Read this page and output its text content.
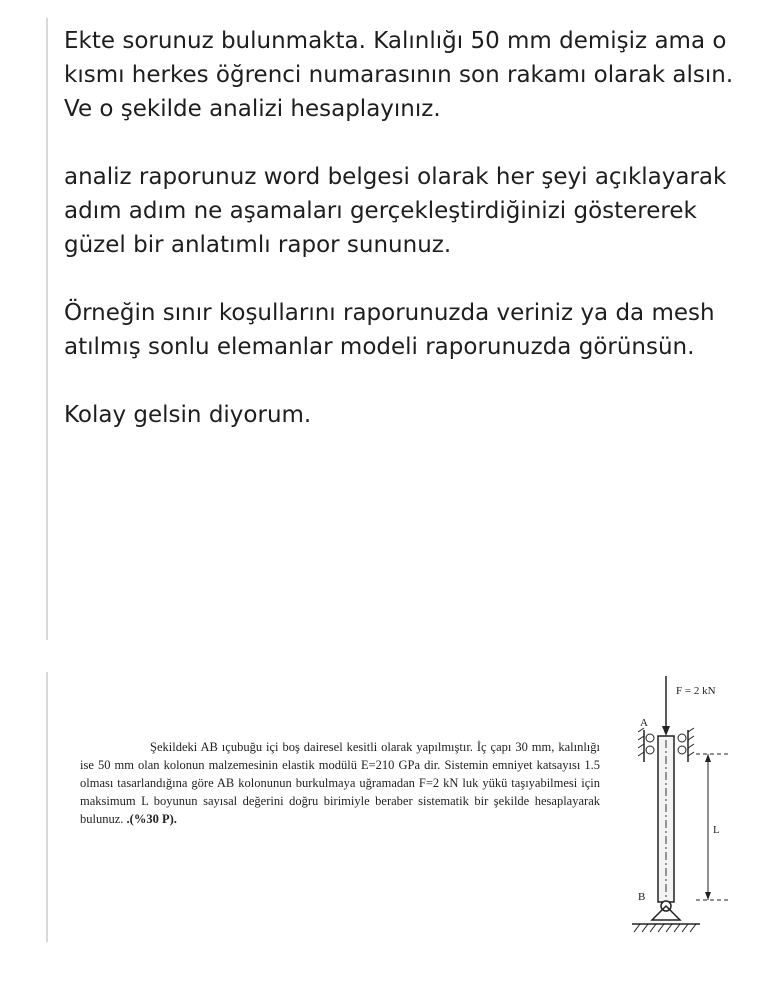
Ekte sorunuz bulunmakta. Kalınlığı 50 mm demişiz ama o kısmı herkes öğrenci numarasının son rakamı olarak alsın. Ve o şekilde analizi hesaplayınız.

analiz raporunuz word belgesi olarak her şeyi açıklayarak adım adım ne aşamaları gerçekleştirdiğinizi göstererek güzel bir anlatımlı rapor sununuz.

Örneğin sınır koşullarını raporunuzda veriniz ya da mesh atılmış sonlu elemanlar modeli raporunuzda görünsün.

Kolay gelsin diyorum.

Şekildeki AB ıçubuğu içi boş dairesel kesitli olarak yapılmıştır. İç çapı 30 mm, kalınlığı ise 50 mm olan kolonun malzemesinin elastik modülü E=210 GPa dir. Sistemin emniyet katsayısı 1.5 olması tasarlandığına göre AB kolonunun burkulmaya uğramadan F=2 kN luk yükü taşıyabilmesi için maksimum L boyunun sayısal değerini doğru birimiyle beraber sistematik bir şekilde hesaplayarak bulunuz. .(%30 P).
F = 2 kN
A
L
B
